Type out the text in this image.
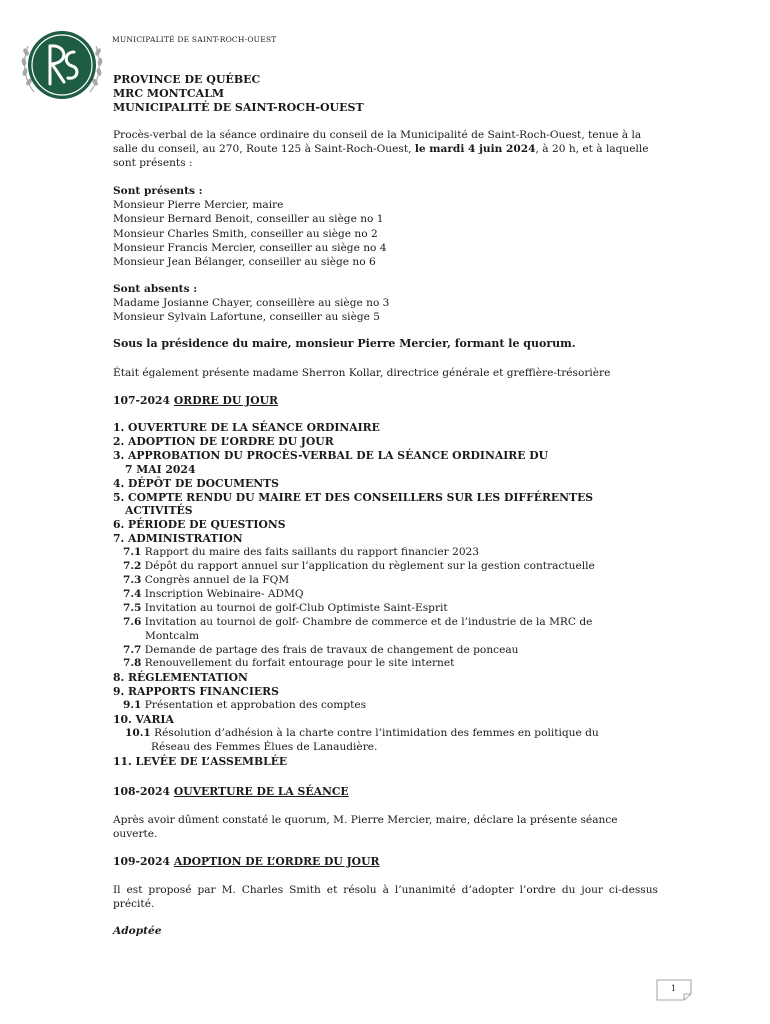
MUNICIPALITÉ DE SAINT-ROCH-OUEST
PROVINCE DE QUÉBEC
MRC MONTCALM
MUNICIPALITÉ DE SAINT-ROCH-OUEST

Procès-verbal de la séance ordinaire du conseil de la Municipalité de Saint-Roch-Ouest, tenue à la salle du conseil, au 270, Route 125 à Saint-Roch-Ouest, le mardi 4 juin 2024, à 20 h, et à laquelle sont présents :

Sont présents :
Monsieur Pierre Mercier, maire
Monsieur Bernard Benoit, conseiller au siège no 1
Monsieur Charles Smith, conseiller au siège no 2
Monsieur Francis Mercier, conseiller au siège no 4
Monsieur Jean Bélanger, conseiller au siège no 6
Sont absents :
Madame Josianne Chayer, conseillère au siège no 3
Monsieur Sylvain Lafortune, conseiller au siège 5
Sous la présidence du maire, monsieur Pierre Mercier, formant le quorum.
Était également présente madame Sherron Kollar, directrice générale et greffière-trésorière
107-2024 ORDRE DU JOUR
1. OUVERTURE DE LA SÉANCE ORDINAIRE
2. ADOPTION DE L’ORDRE DU JOUR
3. APPROBATION DU PROCÈS-VERBAL DE LA SÉANCE ORDINAIRE DU
7 MAI 2024
4. DÉPÔT DE DOCUMENTS
5. COMPTE RENDU DU MAIRE ET DES CONSEILLERS SUR LES DIFFÉRENTES
ACTIVITÉS
6. PÉRIODE DE QUESTIONS
7. ADMINISTRATION
7.1 Rapport du maire des faits saillants du rapport financier 2023
7.2 Dépôt du rapport annuel sur l’application du règlement sur la gestion contractuelle
7.3 Congrès annuel de la FQM
7.4 Inscription Webinaire- ADMQ
7.5 Invitation au tournoi de golf-Club Optimiste Saint-Esprit
7.6 Invitation au tournoi de golf- Chambre de commerce et de l’industrie de la MRC de
Montcalm
7.7 Demande de partage des frais de travaux de changement de ponceau
7.8 Renouvellement du forfait entourage pour le site internet
8. RÉGLEMENTATION
9. RAPPORTS FINANCIERS
9.1 Présentation et approbation des comptes
10. VARIA
10.1 Résolution d’adhésion à la charte contre l’intimidation des femmes en politique du
Réseau des Femmes Élues de Lanaudière.
11. LEVÉE DE L’ASSEMBLÉE
108-2024 OUVERTURE DE LA SÉANCE

Après avoir dûment constaté le quorum, M. Pierre Mercier, maire, déclare la présente séance ouverte.

109-2024 ADOPTION DE L’ORDRE DU JOUR

Il est proposé par M. Charles Smith et résolu à l’unanimité d’adopter l’ordre du jour ci-dessus précité.

Adoptée
1
